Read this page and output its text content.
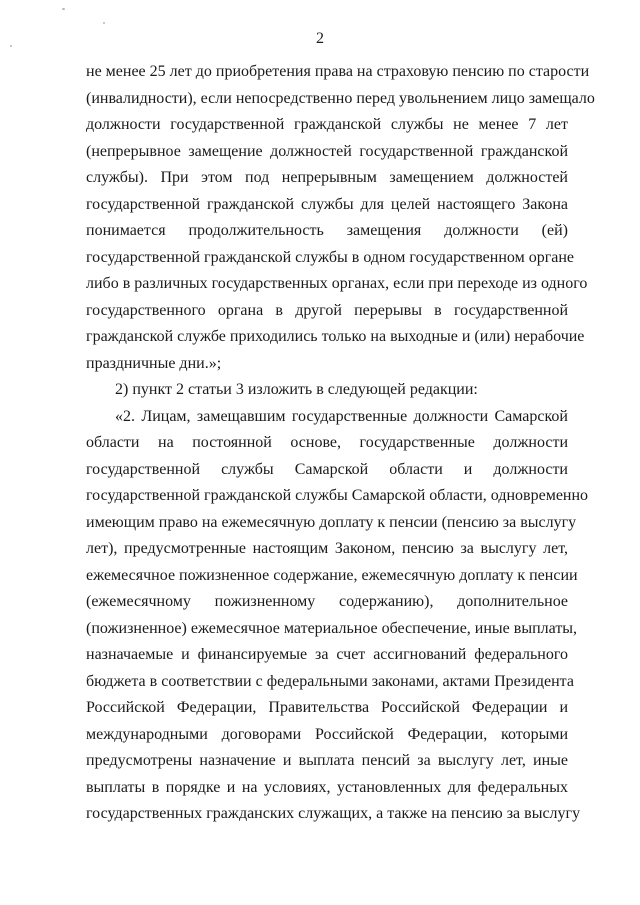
2
не менее 25 лет до приобретения права на страховую пенсию по старости
(инвалидности), если непосредственно перед увольнением лицо замещало
должности государственной гражданской службы не менее 7 лет
(непрерывное замещение должностей государственной гражданской
службы). При этом под непрерывным замещением должностей
государственной гражданской службы для целей настоящего Закона
понимается продолжительность замещения должности (ей)
государственной гражданской службы в одном государственном органе
либо в различных государственных органах, если при переходе из одного
государственного органа в другой перерывы в государственной
гражданской службе приходились только на выходные и (или) нерабочие
праздничные дни.»;
2) пункт 2 статьи 3 изложить в следующей редакции:
«2. Лицам, замещавшим государственные должности Самарской
области на постоянной основе, государственные должности
государственной службы Самарской области и должности
государственной гражданской службы Самарской области, одновременно
имеющим право на ежемесячную доплату к пенсии (пенсию за выслугу
лет), предусмотренные настоящим Законом, пенсию за выслугу лет,
ежемесячное пожизненное содержание, ежемесячную доплату к пенсии
(ежемесячному пожизненному содержанию), дополнительное
(пожизненное) ежемесячное материальное обеспечение, иные выплаты,
назначаемые и финансируемые за счет ассигнований федерального
бюджета в соответствии с федеральными законами, актами Президента
Российской Федерации, Правительства Российской Федерации и
международными договорами Российской Федерации, которыми
предусмотрены назначение и выплата пенсий за выслугу лет, иные
выплаты в порядке и на условиях, установленных для федеральных
государственных гражданских служащих, а также на пенсию за выслугу
